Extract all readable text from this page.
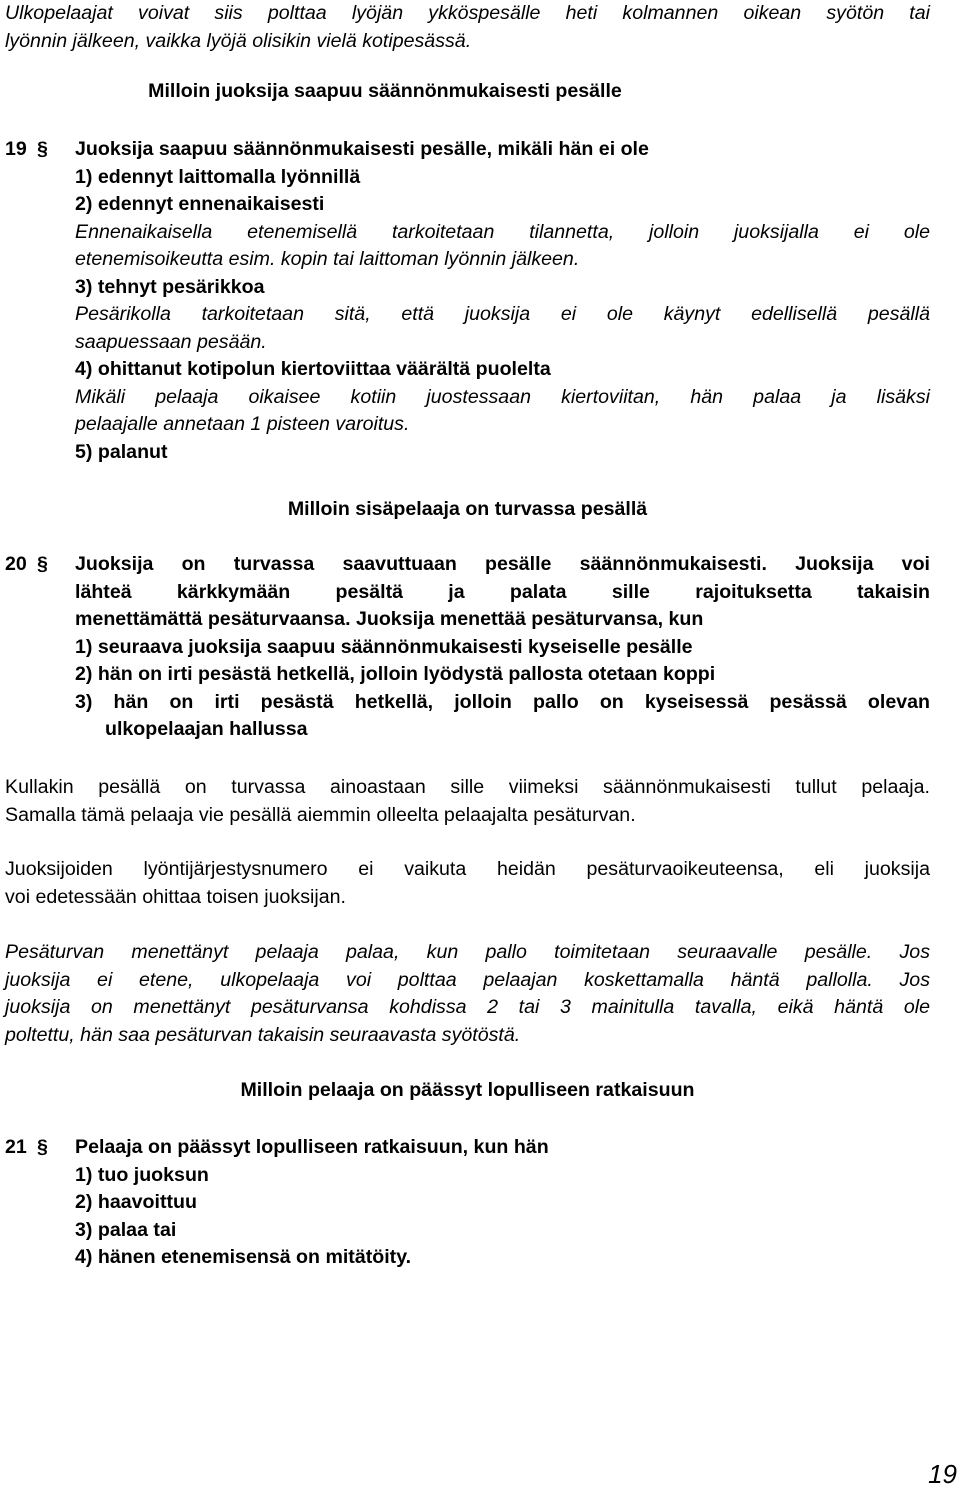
Ulkopelaajat voivat siis polttaa lyöjän ykköspesälle heti kolmannen oikean syötön tai
lyönnin jälkeen, vaikka lyöjä olisikin vielä kotipesässä.
Milloin juoksija saapuu säännönmukaisesti pesälle
19 § Juoksija saapuu säännönmukaisesti pesälle, mikäli hän ei ole
1) edennyt laittomalla lyönnillä
2) edennyt ennenaikaisesti
Ennenaikaisella etenemisellä tarkoitetaan tilannetta, jolloin juoksijalla ei ole
etenemisoikeutta esim. kopin tai laittoman lyönnin jälkeen.
3) tehnyt pesärikkoa
Pesärikolla tarkoitetaan sitä, että juoksija ei ole käynyt edellisellä pesällä
saapuessaan pesään.
4) ohittanut kotipolun kiertoviittaa väärältä puolelta
Mikäli pelaaja oikaisee kotiin juostessaan kiertoviitan, hän palaa ja lisäksi
pelaajalle annetaan 1 pisteen varoitus.
5) palanut
Milloin sisäpelaaja on turvassa pesällä
20 § Juoksija on turvassa saavuttuaan pesälle säännönmukaisesti. Juoksija voi
lähteä kärkkymään pesältä ja palata sille rajoituksetta takaisin
menettämättä pesäturvaansa. Juoksija menettää pesäturvansa, kun
1) seuraava juoksija saapuu säännönmukaisesti kyseiselle pesälle
2) hän on irti pesästä hetkellä, jolloin lyödystä pallosta otetaan koppi
3) hän on irti pesästä hetkellä, jolloin pallo on kyseisessä pesässä olevan
ulkopelaajan hallussa
Kullakin pesällä on turvassa ainoastaan sille viimeksi säännönmukaisesti tullut pelaaja.
Samalla tämä pelaaja vie pesällä aiemmin olleelta pelaajalta pesäturvan.
Juoksijoiden lyöntijärjestysnumero ei vaikuta heidän pesäturvaoikeuteensa, eli juoksija
voi edetessään ohittaa toisen juoksijan.
Pesäturvan menettänyt pelaaja palaa, kun pallo toimitetaan seuraavalle pesälle. Jos
juoksija ei etene, ulkopelaaja voi polttaa pelaajan koskettamalla häntä pallolla. Jos
juoksija on menettänyt pesäturvansa kohdissa 2 tai 3 mainitulla tavalla, eikä häntä ole
poltettu, hän saa pesäturvan takaisin seuraavasta syötöstä.
Milloin pelaaja on päässyt lopulliseen ratkaisuun
21 § Pelaaja on päässyt lopulliseen ratkaisuun, kun hän
1) tuo juoksun
2) haavoittuu
3) palaa tai
4) hänen etenemisensä on mitätöity.
19
